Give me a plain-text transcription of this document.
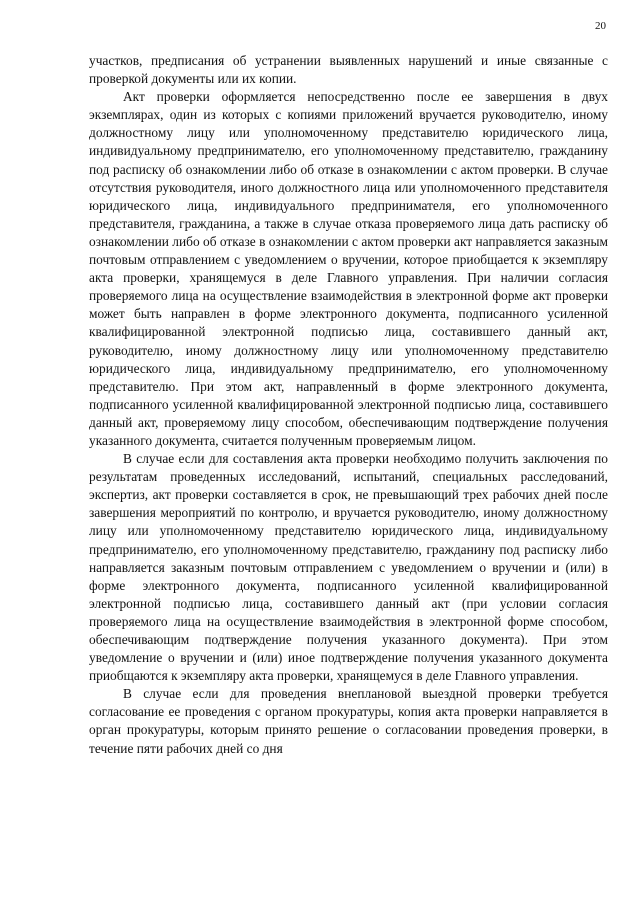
20

участков, предписания об устранении выявленных нарушений и иные связанные с проверкой документы или их копии.

Акт проверки оформляется непосредственно после ее завершения в двух экземплярах, один из которых с копиями приложений вручается руководителю, иному должностному лицу или уполномоченному представителю юридического лица, индивидуальному предпринимателю, его уполномоченному представителю, гражданину под расписку об ознакомлении либо об отказе в ознакомлении с актом проверки. В случае отсутствия руководителя, иного должностного лица или уполномоченного представителя юридического лица, индивидуального предпринимателя, его уполномоченного представителя, гражданина, а также в случае отказа проверяемого лица дать расписку об ознакомлении либо об отказе в ознакомлении с актом проверки акт направляется заказным почтовым отправлением с уведомлением о вручении, которое приобщается к экземпляру акта проверки, хранящемуся в деле Главного управления. При наличии согласия проверяемого лица на осуществление взаимодействия в электронной форме акт проверки может быть направлен в форме электронного документа, подписанного усиленной квалифицированной электронной подписью лица, составившего данный акт, руководителю, иному должностному лицу или уполномоченному представителю юридического лица, индивидуальному предпринимателю, его уполномоченному представителю. При этом акт, направленный в форме электронного документа, подписанного усиленной квалифицированной электронной подписью лица, составившего данный акт, проверяемому лицу способом, обеспечивающим подтверждение получения указанного документа, считается полученным проверяемым лицом.

В случае если для составления акта проверки необходимо получить заключения по результатам проведенных исследований, испытаний, специальных расследований, экспертиз, акт проверки составляется в срок, не превышающий трех рабочих дней после завершения мероприятий по контролю, и вручается руководителю, иному должностному лицу или уполномоченному представителю юридического лица, индивидуальному предпринимателю, его уполномоченному представителю, гражданину под расписку либо направляется заказным почтовым отправлением с уведомлением о вручении и (или) в форме электронного документа, подписанного усиленной квалифицированной электронной подписью лица, составившего данный акт (при условии согласия проверяемого лица на осуществление взаимодействия в электронной форме способом, обеспечивающим подтверждение получения указанного документа). При этом уведомление о вручении и (или) иное подтверждение получения указанного документа приобщаются к экземпляру акта проверки, хранящемуся в деле Главного управления.

В случае если для проведения внеплановой выездной проверки требуется согласование ее проведения с органом прокуратуры, копия акта проверки направляется в орган прокуратуры, которым принято решение о согласовании проведения проверки, в течение пяти рабочих дней со дня
